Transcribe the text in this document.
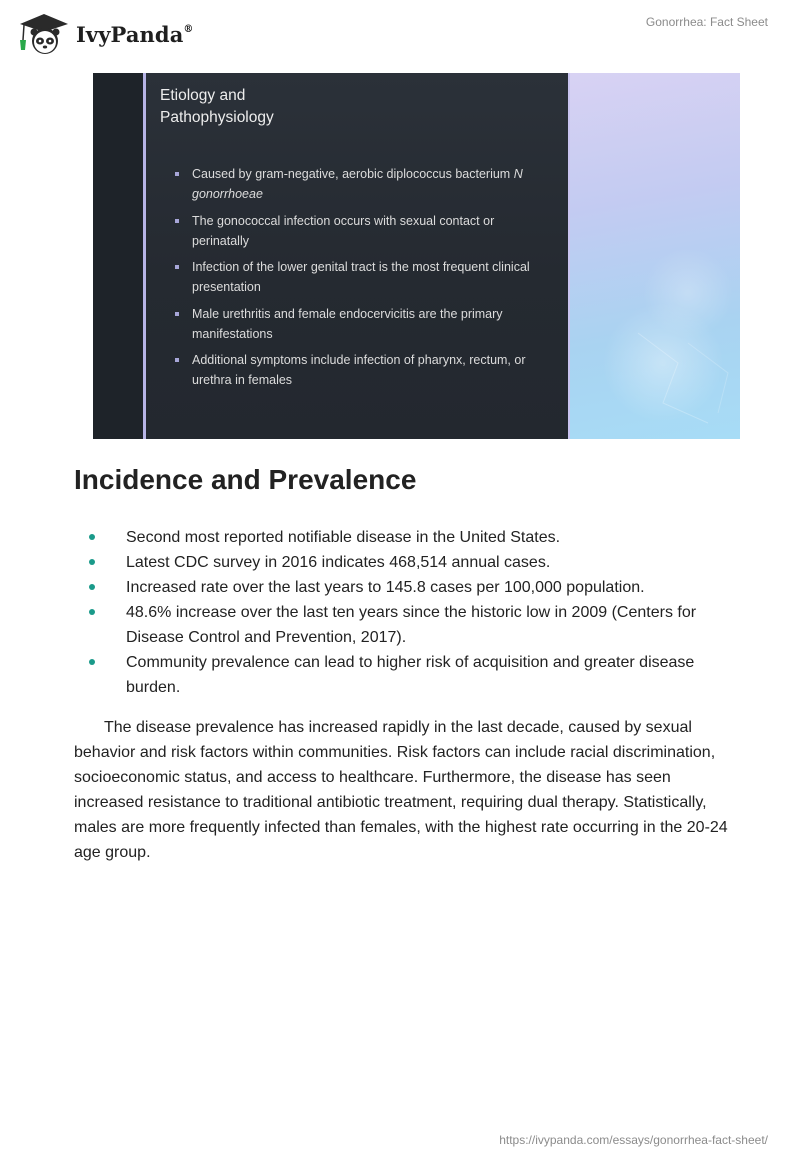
IvyPanda®	Gonorrhea: Fact Sheet
Etiology and
Pathophysiology
Caused by gram-negative, aerobic diplococcus bacterium N gonorrhoeae
The gonococcal infection occurs with sexual contact or perinatally
Infection of the lower genital tract is the most frequent clinical presentation
Male urethritis and female endocervicitis are the primary manifestations
Additional symptoms include infection of pharynx, rectum, or urethra in females
Incidence and Prevalence
Second most reported notifiable disease in the United States.
Latest CDC survey in 2016 indicates 468,514 annual cases.
Increased rate over the last years to 145.8 cases per 100,000 population.
48.6% increase over the last ten years since the historic low in 2009 (Centers for Disease Control and Prevention, 2017).
Community prevalence can lead to higher risk of acquisition and greater disease burden.

The disease prevalence has increased rapidly in the last decade, caused by sexual behavior and risk factors within communities. Risk factors can include racial discrimination, socioeconomic status, and access to healthcare. Furthermore, the disease has seen increased resistance to traditional antibiotic treatment, requiring dual therapy. Statistically, males are more frequently infected than females, with the highest rate occurring in the 20-24 age group.

https://ivypanda.com/essays/gonorrhea-fact-sheet/
